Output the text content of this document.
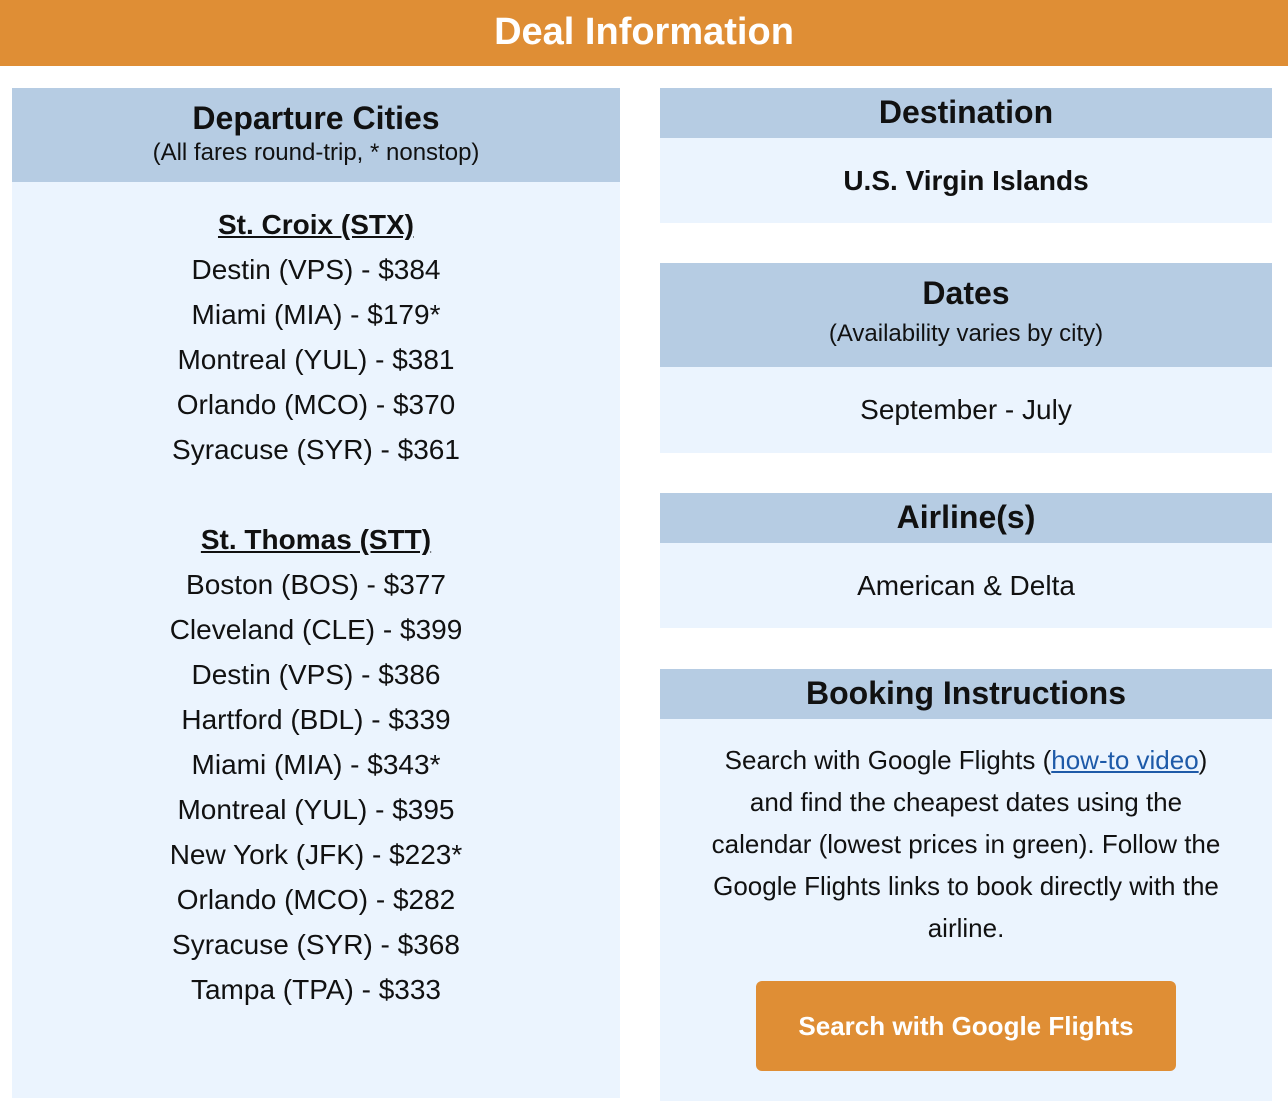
Deal Information
Departure Cities
(All fares round-trip, * nonstop)
St. Croix (STX)
Destin (VPS) - $384
Miami (MIA) - $179*
Montreal (YUL) - $381
Orlando (MCO) - $370
Syracuse (SYR) - $361
St. Thomas (STT)
Boston (BOS) - $377
Cleveland (CLE) - $399
Destin (VPS) - $386
Hartford (BDL) - $339
Miami (MIA) - $343*
Montreal (YUL) - $395
New York (JFK) - $223*
Orlando (MCO) - $282
Syracuse (SYR) - $368
Tampa (TPA) - $333
Destination
U.S. Virgin Islands
Dates
(Availability varies by city)
September - July
Airline(s)
American & Delta
Booking Instructions
Search with Google Flights (how-to video) and find the cheapest dates using the calendar (lowest prices in green). Follow the Google Flights links to book directly with the airline.
Search with Google Flights
